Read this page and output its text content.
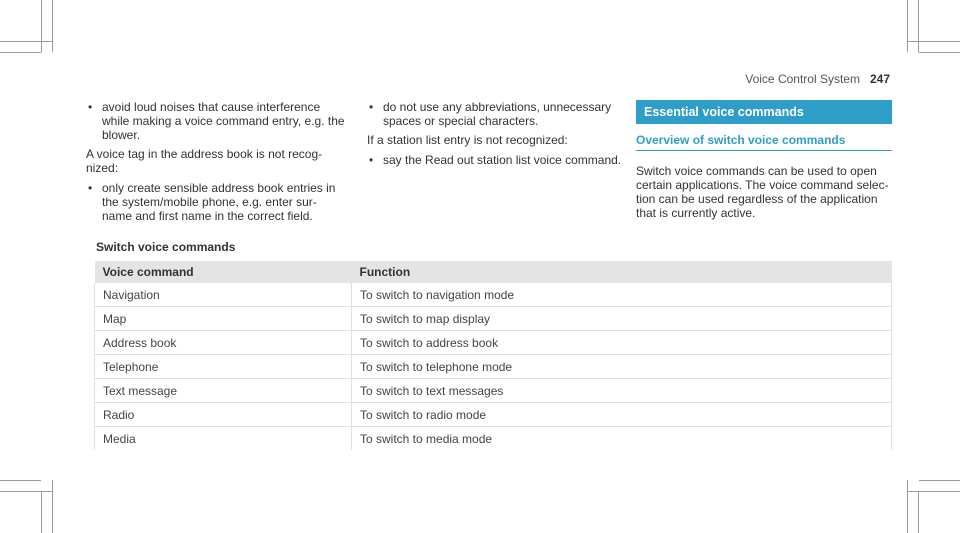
Voice Control System 247
• avoid loud noises that cause interference while making a voice command entry, e.g. the blower.

A voice tag in the address book is not recog- nized:

• only create sensible address book entries in the system/mobile phone, e.g. enter sur- name and first name in the correct field.
• do not use any abbreviations, unnecessary spaces or special characters.

If a station list entry is not recognized:

• say the Read out station list voice command.
Essential voice commands
Overview of switch voice commands

Switch voice commands can be used to open certain applications. The voice command selec- tion can be used regardless of the application that is currently active.

Switch voice commands
Voice command	Function
Navigation	To switch to navigation mode
Map	To switch to map display
Address book	To switch to address book
Telephone	To switch to telephone mode
Text message	To switch to text messages
Radio	To switch to radio mode
Media	To switch to media mode
